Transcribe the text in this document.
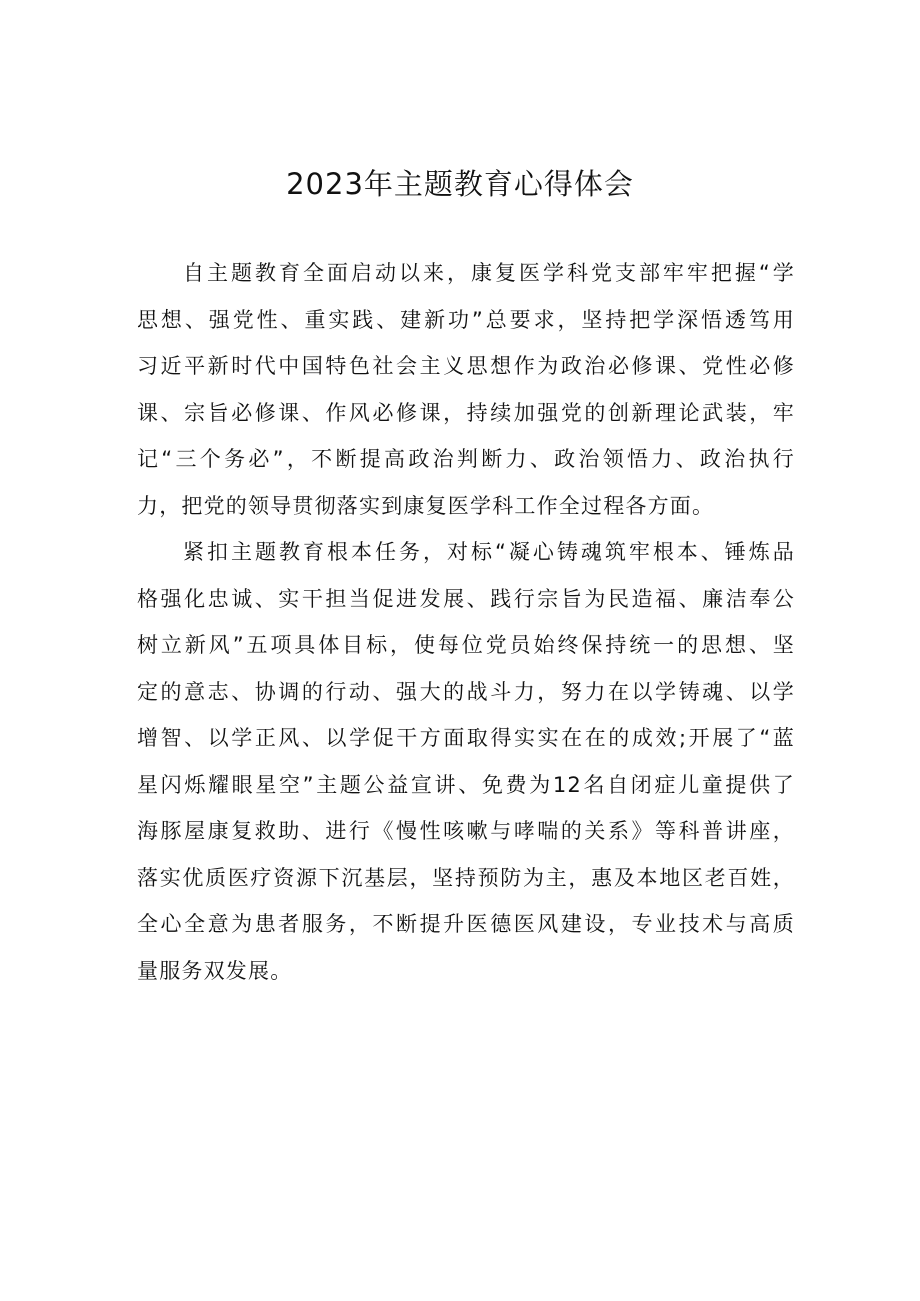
2023年主题教育心得体会
自主题教育全面启动以来，康复医学科党支部牢牢把握“学
思想、强党性、重实践、建新功”总要求，坚持把学深悟透笃用
习近平新时代中国特色社会主义思想作为政治必修课、党性必修
课、宗旨必修课、作风必修课，持续加强党的创新理论武装，牢
记“三个务必”，不断提高政治判断力、政治领悟力、政治执行
力，把党的领导贯彻落实到康复医学科工作全过程各方面。
紧扣主题教育根本任务，对标“凝心铸魂筑牢根本、锤炼品
格强化忠诚、实干担当促进发展、践行宗旨为民造福、廉洁奉公
树立新风”五项具体目标，使每位党员始终保持统一的思想、坚
定的意志、协调的行动、强大的战斗力，努力在以学铸魂、以学
增智、以学正风、以学促干方面取得实实在在的成效;开展了“蓝
星闪烁耀眼星空”主题公益宣讲、免费为12名自闭症儿童提供了
海豚屋康复救助、进行《慢性咳嗽与哮喘的关系》等科普讲座，
落实优质医疗资源下沉基层，坚持预防为主，惠及本地区老百姓，
全心全意为患者服务，不断提升医德医风建设，专业技术与高质
量服务双发展。
